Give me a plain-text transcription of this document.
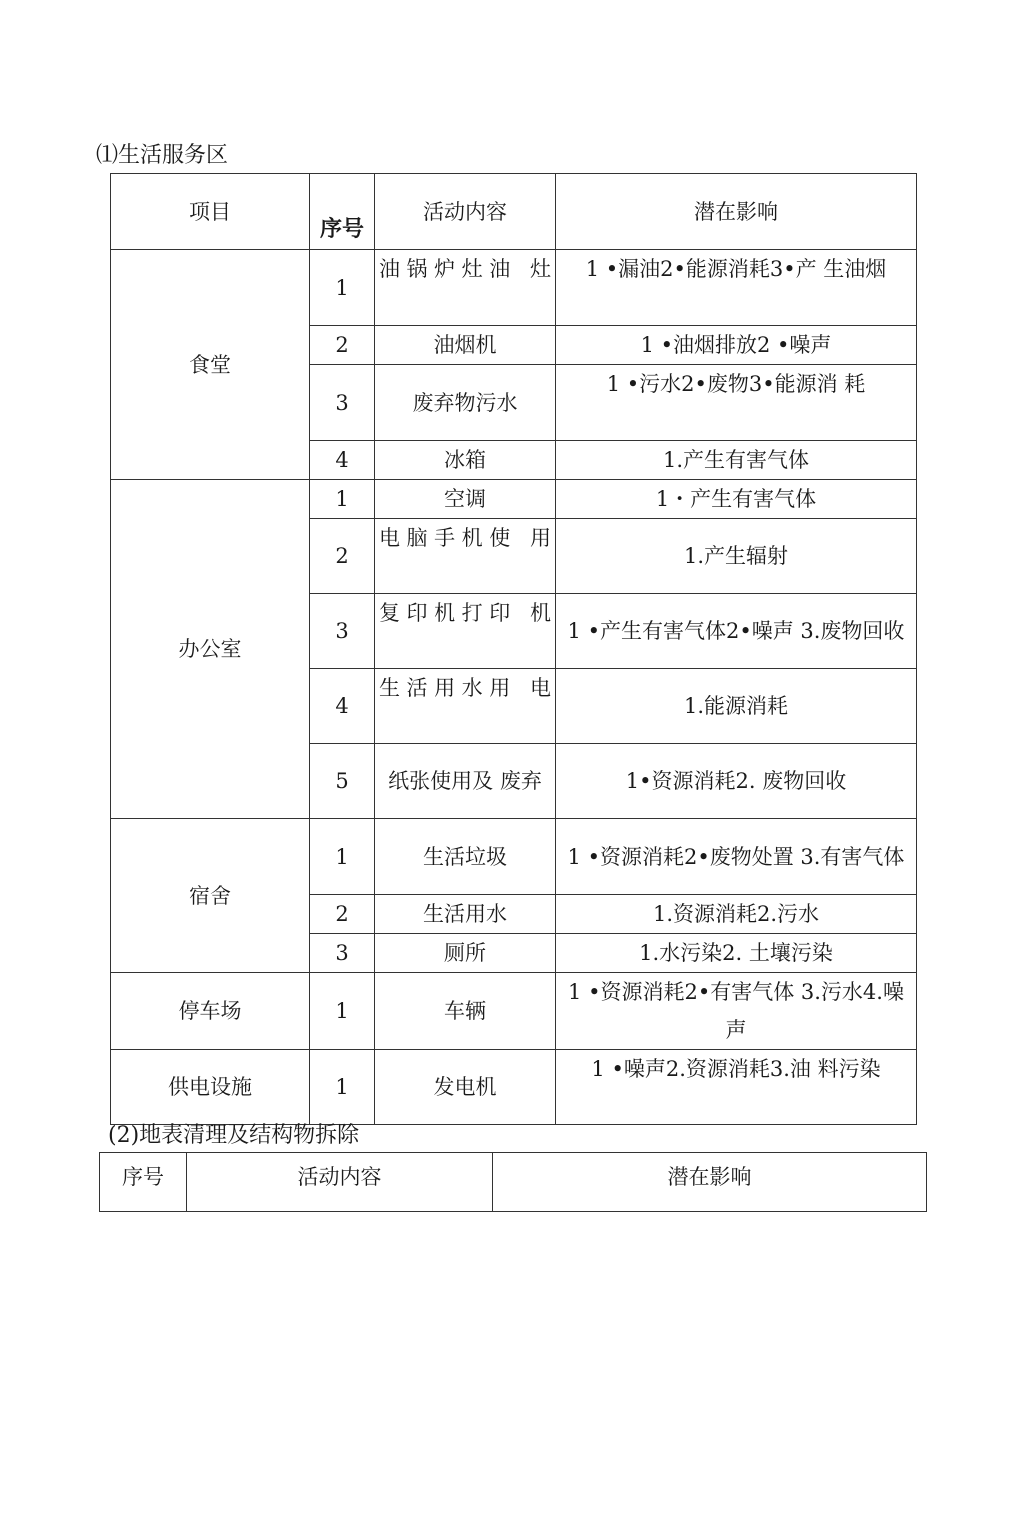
⑴生活服务区
项目	序号	活动内容	潜在影响
食堂	1	油锅炉灶油 灶	1 •漏油2•能源消耗3•产 生油烟
	2	油烟机	1 •油烟排放2 •噪声
	3	废弃物污水	1 •污水2•废物3•能源消 耗
	4	冰箱	1.产生有害气体
办公室	1	空调	1・产生有害气体
	2	电脑手机使 用	1.产生辐射
	3	复印机打印 机	1 •产生有害气体2•噪声 3.废物回收
	4	生活用水用 电	1.能源消耗
	5	纸张使用及 废弃	1•资源消耗2. 废物回收
宿舍	1	生活垃圾	1 •资源消耗2•废物处置 3.有害气体
	2	生活用水	1.资源消耗2.污水
	3	厕所	1.水污染2. 土壤污染
停车场	1	车辆	1 •资源消耗2•有害气体 3.污水4.噪声
供电设施	1	发电机	1 •噪声2.资源消耗3.油 料污染
(2)地表清理及结构物拆除
序号	活动内容	潜在影响
